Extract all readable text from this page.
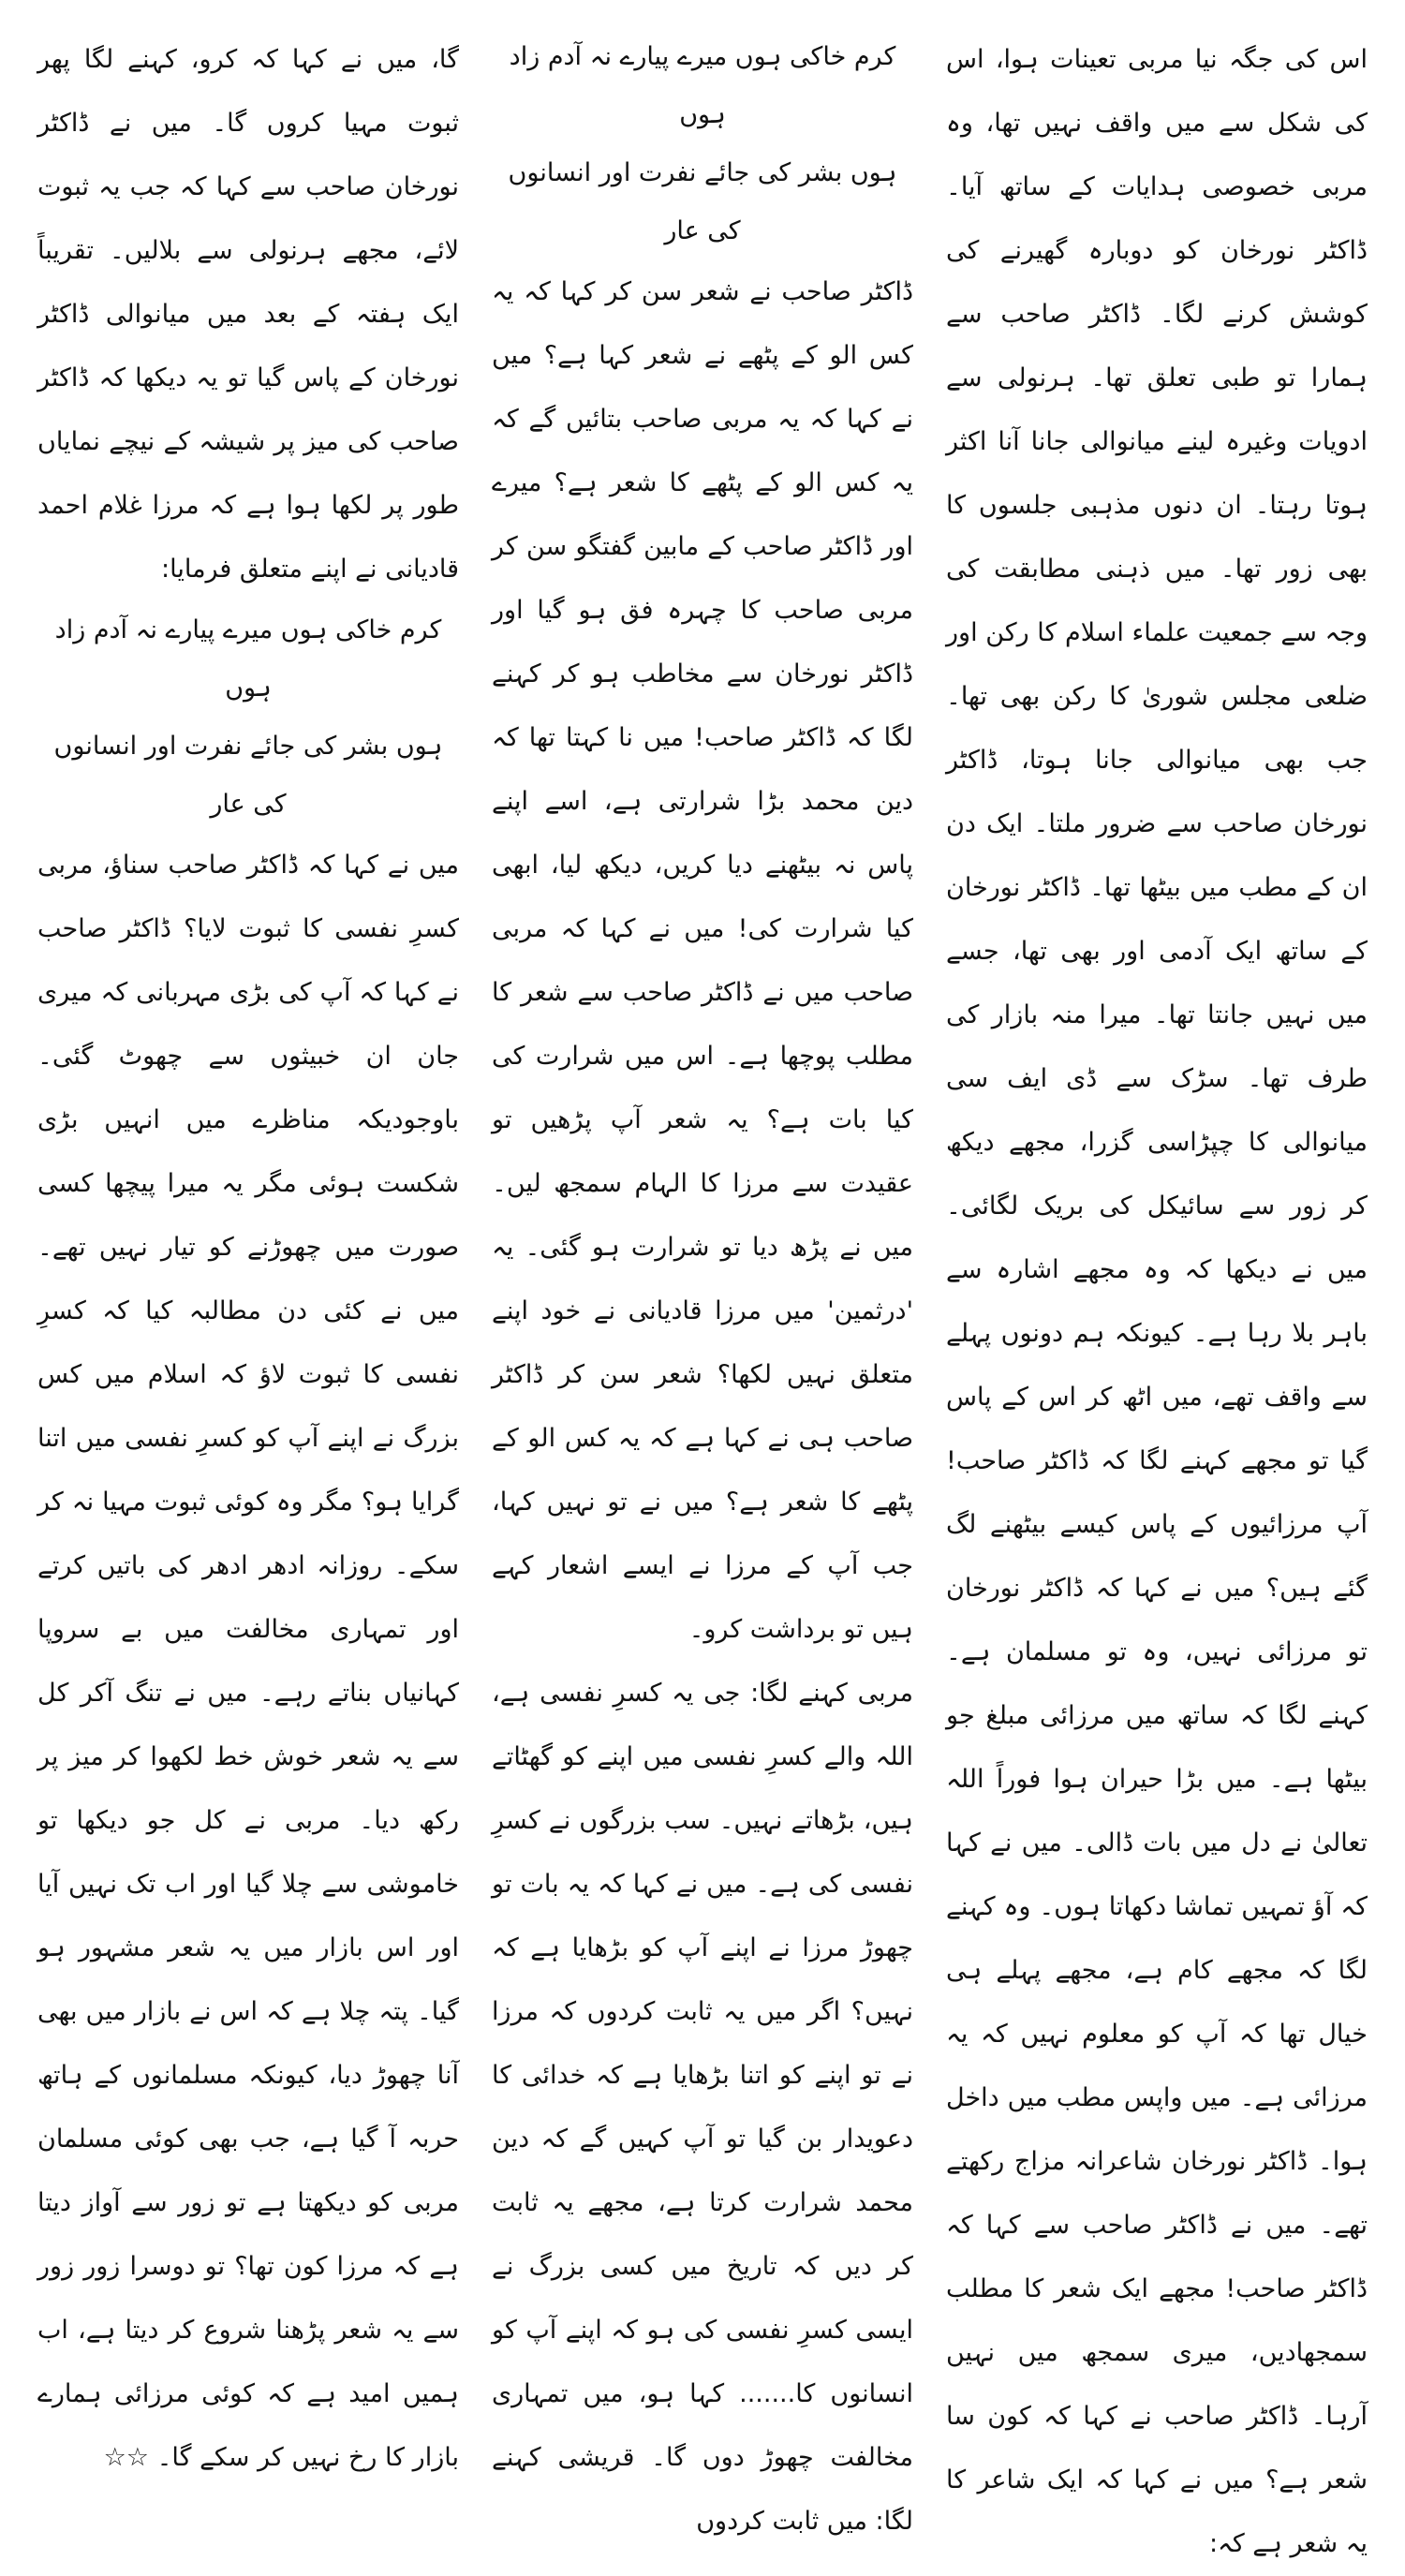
اس کی جگہ نیا مربی تعینات ہوا، اس کی شکل سے میں واقف نہیں تھا، وہ مربی خصوصی ہدایات کے ساتھ آیا۔ ڈاکٹر نورخان کو دوبارہ گھیرنے کی کوشش کرنے لگا۔ ڈاکٹر صاحب سے ہمارا تو طبی تعلق تھا۔ ہرنولی سے ادویات وغیرہ لینے میانوالی جانا آنا اکثر ہوتا رہتا۔ ان دنوں مذہبی جلسوں کا بھی زور تھا۔ میں ذہنی مطابقت کی وجہ سے جمعیت علماء اسلام کا رکن اور ضلعی مجلس شوریٰ کا رکن بھی تھا۔ جب بھی میانوالی جانا ہوتا، ڈاکٹر نورخان صاحب سے ضرور ملتا۔ ایک دن ان کے مطب میں بیٹھا تھا۔ ڈاکٹر نورخان کے ساتھ ایک آدمی اور بھی تھا، جسے میں نہیں جانتا تھا۔ میرا منہ بازار کی طرف تھا۔ سڑک سے ڈی ایف سی میانوالی کا چپڑاسی گزرا، مجھے دیکھ کر زور سے سائیکل کی بریک لگائی۔ میں نے دیکھا کہ وہ مجھے اشارہ سے باہر بلا رہا ہے۔ کیونکہ ہم دونوں پہلے سے واقف تھے، میں اٹھ کر اس کے پاس گیا تو مجھے کہنے لگا کہ ڈاکٹر صاحب! آپ مرزائیوں کے پاس کیسے بیٹھنے لگ گئے ہیں؟ میں نے کہا کہ ڈاکٹر نورخان تو مرزائی نہیں، وہ تو مسلمان ہے۔ کہنے لگا کہ ساتھ میں مرزائی مبلغ جو بیٹھا ہے۔ میں بڑا حیران ہوا فوراً اللہ تعالیٰ نے دل میں بات ڈالی۔ میں نے کہا کہ آؤ تمہیں تماشا دکھاتا ہوں۔ وہ کہنے لگا کہ مجھے کام ہے، مجھے پہلے ہی خیال تھا کہ آپ کو معلوم نہیں کہ یہ مرزائی ہے۔ میں واپس مطب میں داخل ہوا۔ ڈاکٹر نورخان شاعرانہ مزاج رکھتے تھے۔ میں نے ڈاکٹر صاحب سے کہا کہ ڈاکٹر صاحب! مجھے ایک شعر کا مطلب سمجھادیں، میری سمجھ میں نہیں آرہا۔ ڈاکٹر صاحب نے کہا کہ کون سا شعر ہے؟ میں نے کہا کہ ایک شاعر کا یہ شعر ہے کہ:

کرم خاکی ہوں میرے پیارے نہ آدم زاد ہوں
ہوں بشر کی جائے نفرت اور انسانوں کی عار

ڈاکٹر صاحب نے شعر سن کر کہا کہ یہ کس الو کے پٹھے نے شعر کہا ہے؟ میں نے کہا کہ یہ مربی صاحب بتائیں گے کہ یہ کس الو کے پٹھے کا شعر ہے؟ میرے اور ڈاکٹر صاحب کے مابین گفتگو سن کر مربی صاحب کا چہرہ فق ہو گیا اور ڈاکٹر نورخان سے مخاطب ہو کر کہنے لگا کہ ڈاکٹر صاحب! میں نا کہتا تھا کہ دین محمد بڑا شرارتی ہے، اسے اپنے پاس نہ بیٹھنے دیا کریں، دیکھ لیا، ابھی کیا شرارت کی! میں نے کہا کہ مربی صاحب میں نے ڈاکٹر صاحب سے شعر کا مطلب پوچھا ہے۔ اس میں شرارت کی کیا بات ہے؟ یہ شعر آپ پڑھیں تو عقیدت سے مرزا کا الہام سمجھ لیں۔ میں نے پڑھ دیا تو شرارت ہو گئی۔ یہ 'درثمین' میں مرزا قادیانی نے خود اپنے متعلق نہیں لکھا؟ شعر سن کر ڈاکٹر صاحب ہی نے کہا ہے کہ یہ کس الو کے پٹھے کا شعر ہے؟ میں نے تو نہیں کہا، جب آپ کے مرزا نے ایسے اشعار کہے ہیں تو برداشت کرو۔

مربی کہنے لگا: جی یہ کسرِ نفسی ہے، اللہ والے کسرِ نفسی میں اپنے کو گھٹاتے ہیں، بڑھاتے نہیں۔ سب بزرگوں نے کسرِ نفسی کی ہے۔ میں نے کہا کہ یہ بات تو چھوڑ مرزا نے اپنے آپ کو بڑھایا ہے کہ نہیں؟ اگر میں یہ ثابت کردوں کہ مرزا نے تو اپنے کو اتنا بڑھایا ہے کہ خدائی کا دعویدار بن گیا تو آپ کہیں گے کہ دین محمد شرارت کرتا ہے، مجھے یہ ثابت کر دیں کہ تاریخ میں کسی بزرگ نے ایسی کسرِ نفسی کی ہو کہ اپنے آپ کو انسانوں کا....... کہا ہو، میں تمہاری مخالفت چھوڑ دوں گا۔ قریشی کہنے لگا: میں ثابت کردوں

گا، میں نے کہا کہ کرو، کہنے لگا پھر ثبوت مہیا کروں گا۔ میں نے ڈاکٹر نورخان صاحب سے کہا کہ جب یہ ثبوت لائے، مجھے ہرنولی سے بلالیں۔ تقریباً ایک ہفتہ کے بعد میں میانوالی ڈاکٹر نورخان کے پاس گیا تو یہ دیکھا کہ ڈاکٹر صاحب کی میز پر شیشہ کے نیچے نمایاں طور پر لکھا ہوا ہے کہ مرزا غلام احمد قادیانی نے اپنے متعلق فرمایا:

کرم خاکی ہوں میرے پیارے نہ آدم زاد ہوں
ہوں بشر کی جائے نفرت اور انسانوں کی عار

میں نے کہا کہ ڈاکٹر صاحب سناؤ، مربی کسرِ نفسی کا ثبوت لایا؟ ڈاکٹر صاحب نے کہا کہ آپ کی بڑی مہربانی کہ میری جان ان خبیثوں سے چھوٹ گئی۔ باوجودیکہ مناظرے میں انہیں بڑی شکست ہوئی مگر یہ میرا پیچھا کسی صورت میں چھوڑنے کو تیار نہیں تھے۔ میں نے کئی دن مطالبہ کیا کہ کسرِ نفسی کا ثبوت لاؤ کہ اسلام میں کس بزرگ نے اپنے آپ کو کسرِ نفسی میں اتنا گرایا ہو؟ مگر وہ کوئی ثبوت مہیا نہ کر سکے۔ روزانہ ادھر ادھر کی باتیں کرتے اور تمہاری مخالفت میں بے سروپا کہانیاں بناتے رہے۔ میں نے تنگ آکر کل سے یہ شعر خوش خط لکھوا کر میز پر رکھ دیا۔ مربی نے کل جو دیکھا تو خاموشی سے چلا گیا اور اب تک نہیں آیا اور اس بازار میں یہ شعر مشہور ہو گیا۔ پتہ چلا ہے کہ اس نے بازار میں بھی آنا چھوڑ دیا، کیونکہ مسلمانوں کے ہاتھ حربہ آ گیا ہے، جب بھی کوئی مسلمان مربی کو دیکھتا ہے تو زور سے آواز دیتا ہے کہ مرزا کون تھا؟ تو دوسرا زور زور سے یہ شعر پڑھنا شروع کر دیتا ہے، اب ہمیں امید ہے کہ کوئی مرزائی ہمارے بازار کا رخ نہیں کر سکے گا۔ ☆☆
